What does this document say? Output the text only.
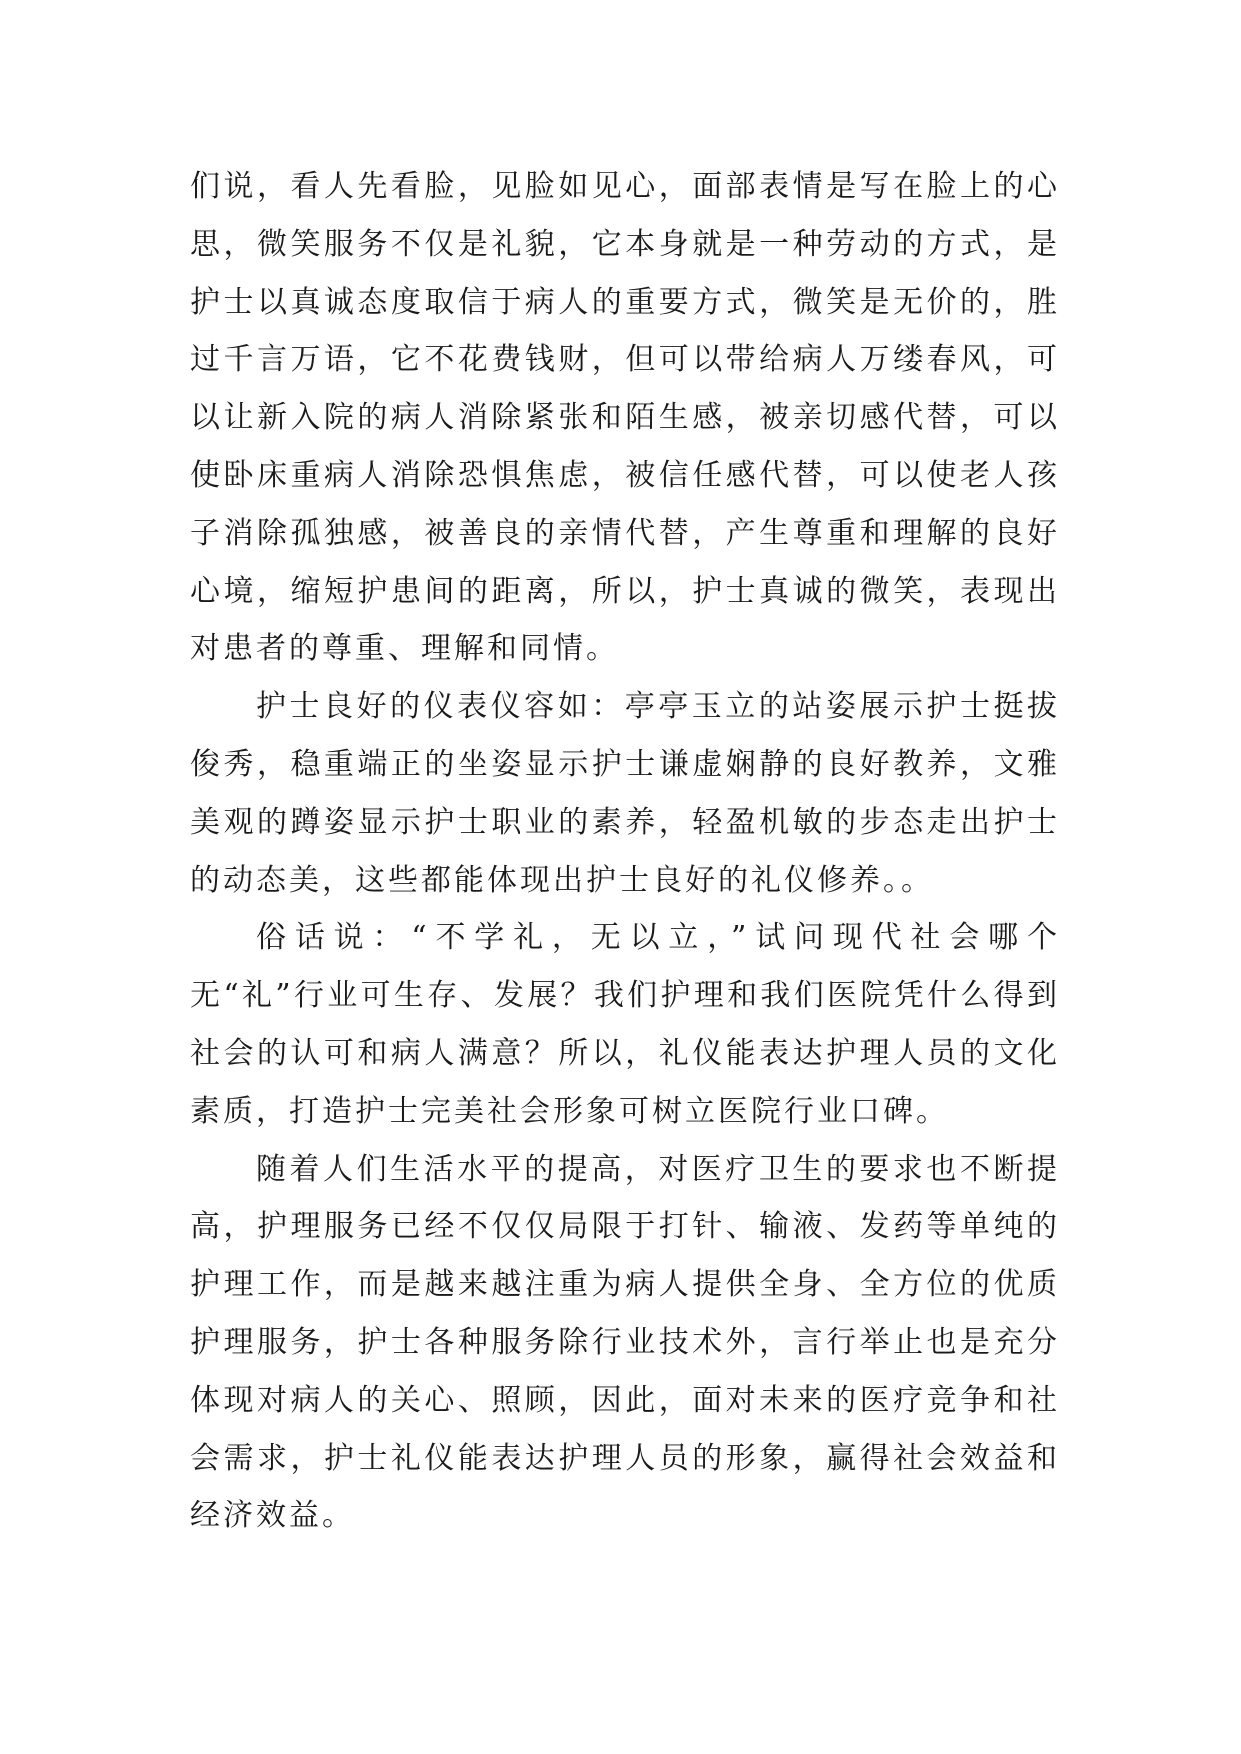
们说，看人先看脸，见脸如见心，面部表情是写在脸上的心思，微笑服务不仅是礼貌，它本身就是一种劳动的方式，是护士以真诚态度取信于病人的重要方式，微笑是无价的，胜过千言万语，它不花费钱财，但可以带给病人万缕春风，可以让新入院的病人消除紧张和陌生感，被亲切感代替，可以使卧床重病人消除恐惧焦虑，被信任感代替，可以使老人孩子消除孤独感，被善良的亲情代替，产生尊重和理解的良好心境，缩短护患间的距离，所以，护士真诚的微笑，表现出对患者的尊重、理解和同情。

护士良好的仪表仪容如：亭亭玉立的站姿展示护士挺拔俊秀，稳重端正的坐姿显示护士谦虚娴静的良好教养，文雅美观的蹲姿显示护士职业的素养，轻盈机敏的步态走出护士的动态美，这些都能体现出护士良好的礼仪修养。。

俗话说：“不学礼，无以立，”试问现代社会哪个无“礼”行业可生存、发展？我们护理和我们医院凭什么得到社会的认可和病人满意？所以，礼仪能表达护理人员的文化素质，打造护士完美社会形象可树立医院行业口碑。

随着人们生活水平的提高，对医疗卫生的要求也不断提高，护理服务已经不仅仅局限于打针、输液、发药等单纯的护理工作，而是越来越注重为病人提供全身、全方位的优质护理服务，护士各种服务除行业技术外，言行举止也是充分体现对病人的关心、照顾，因此，面对未来的医疗竞争和社会需求，护士礼仪能表达护理人员的形象，赢得社会效益和经济效益。
